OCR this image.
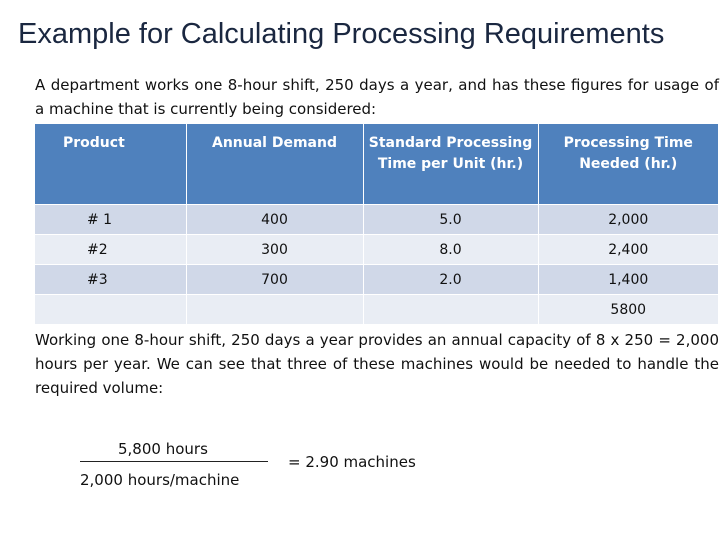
Example for Calculating Processing Requirements
A department works one 8-hour shift, 250 days a year, and has these figures for usage of a machine that is currently being considered:
Product	Annual Demand	Standard Processing Time per Unit (hr.)	Processing Time Needed (hr.)
# 1	400	5.0	2,000
#2	300	8.0	2,400
#3	700	2.0	1,400
			5800
Working one 8-hour shift, 250 days a year provides an annual capacity of 8 x 250 = 2,000 hours per year. We can see that three of these machines would be needed to handle the required volume:
5,800 hours
2,000 hours/machine
= 2.90 machines
